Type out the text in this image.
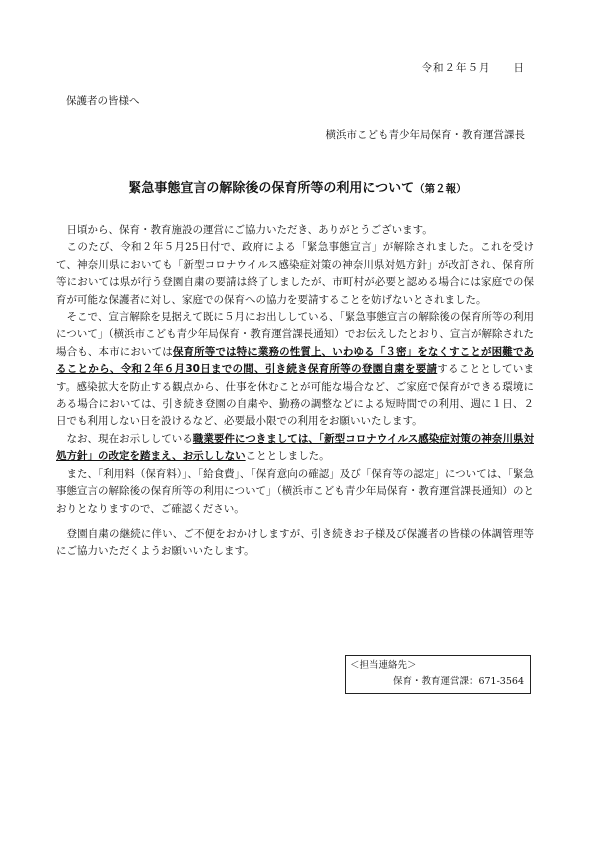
令和２年５月　　日
保護者の皆様へ
横浜市こども青少年局保育・教育運営課長
緊急事態宣言の解除後の保育所等の利用について（第２報）

日頃から、保育・教育施設の運営にご協力いただき、ありがとうございます。

このたび、令和２年５月25日付で、政府による「緊急事態宣言」が解除されました。これを受けて、神奈川県においても「新型コロナウイルス感染症対策の神奈川県対処方針」が改訂され、保育所等においては県が行う登園自粛の要請は終了しましたが、市町村が必要と認める場合には家庭での保育が可能な保護者に対し、家庭での保育への協力を要請することを妨げないとされました。

そこで、宣言解除を見据えて既に５月にお出ししている、「緊急事態宣言の解除後の保育所等の利用について」（横浜市こども青少年局保育・教育運営課長通知）でお伝えしたとおり、宣言が解除された場合も、本市においては保育所等では特に業務の性質上、いわゆる「３密」をなくすことが困難であることから、令和２年６月30日までの間、引き続き保育所等の登園自粛を要請することとしています。感染拡大を防止する観点から、仕事を休むことが可能な場合など、ご家庭で保育ができる環境にある場合においては、引き続き登園の自粛や、勤務の調整などによる短時間での利用、週に１日、２日でも利用しない日を設けるなど、必要最小限での利用をお願いいたします。

なお、現在お示ししている職業要件につきましては、「新型コロナウイルス感染症対策の神奈川県対処方針」の改定を踏まえ、お示ししないこととしました。

また、「利用料（保育料）」、「給食費」、「保育意向の確認」及び「保育等の認定」については、「緊急事態宣言の解除後の保育所等の利用について」（横浜市こども青少年局保育・教育運営課長通知）のとおりとなりますので、ご確認ください。

登園自粛の継続に伴い、ご不便をおかけしますが、引き続きお子様及び保護者の皆様の体調管理等にご協力いただくようお願いいたします。

＜担当連絡先＞
保育・教育運営課：671-3564
